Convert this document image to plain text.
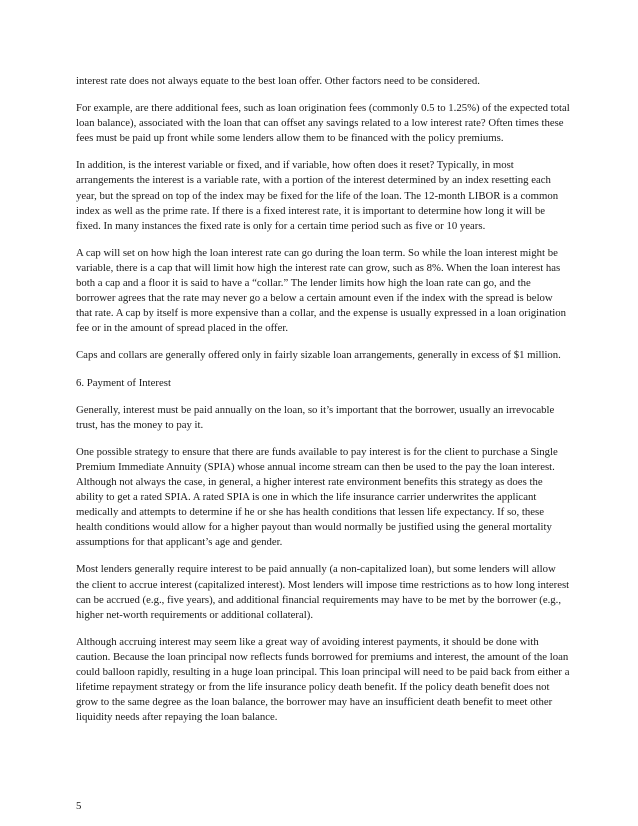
interest rate does not always equate to the best loan offer. Other factors need to be considered.

For example, are there additional fees, such as loan origination fees (commonly 0.5 to 1.25%) of the expected total loan balance), associated with the loan that can offset any savings related to a low interest rate? Often times these fees must be paid up front while some lenders allow them to be financed with the policy premiums.

In addition, is the interest variable or fixed, and if variable, how often does it reset? Typically, in most arrangements the interest is a variable rate, with a portion of the interest determined by an index resetting each year, but the spread on top of the index may be fixed for the life of the loan. The 12-month LIBOR is a common index as well as the prime rate. If there is a fixed interest rate, it is important to determine how long it will be fixed. In many instances the fixed rate is only for a certain time period such as five or 10 years.

A cap will set on how high the loan interest rate can go during the loan term. So while the loan interest might be variable, there is a cap that will limit how high the interest rate can grow, such as 8%. When the loan interest has both a cap and a floor it is said to have a “collar.” The lender limits how high the loan rate can go, and the borrower agrees that the rate may never go a below a certain amount even if the index with the spread is below that rate. A cap by itself is more expensive than a collar, and the expense is usually expressed in a loan origination fee or in the amount of spread placed in the offer.

Caps and collars are generally offered only in fairly sizable loan arrangements, generally in excess of $1 million.

6. Payment of Interest

Generally, interest must be paid annually on the loan, so it’s important that the borrower, usually an irrevocable trust, has the money to pay it.

One possible strategy to ensure that there are funds available to pay interest is for the client to purchase a Single Premium Immediate Annuity (SPIA) whose annual income stream can then be used to the pay the loan interest. Although not always the case, in general, a higher interest rate environment benefits this strategy as does the ability to get a rated SPIA. A rated SPIA is one in which the life insurance carrier underwrites the applicant medically and attempts to determine if he or she has health conditions that lessen life expectancy. If so, these health conditions would allow for a higher payout than would normally be justified using the general mortality assumptions for that applicant’s age and gender.

Most lenders generally require interest to be paid annually (a non-capitalized loan), but some lenders will allow the client to accrue interest (capitalized interest). Most lenders will impose time restrictions as to how long interest can be accrued (e.g., five years), and additional financial requirements may have to be met by the borrower (e.g., higher net-worth requirements or additional collateral).

Although accruing interest may seem like a great way of avoiding interest payments, it should be done with caution. Because the loan principal now reflects funds borrowed for premiums and interest, the amount of the loan could balloon rapidly, resulting in a huge loan principal. This loan principal will need to be paid back from either a lifetime repayment strategy or from the life insurance policy death benefit. If the policy death benefit does not grow to the same degree as the loan balance, the borrower may have an insufficient death benefit to meet other liquidity needs after repaying the loan balance.

5
